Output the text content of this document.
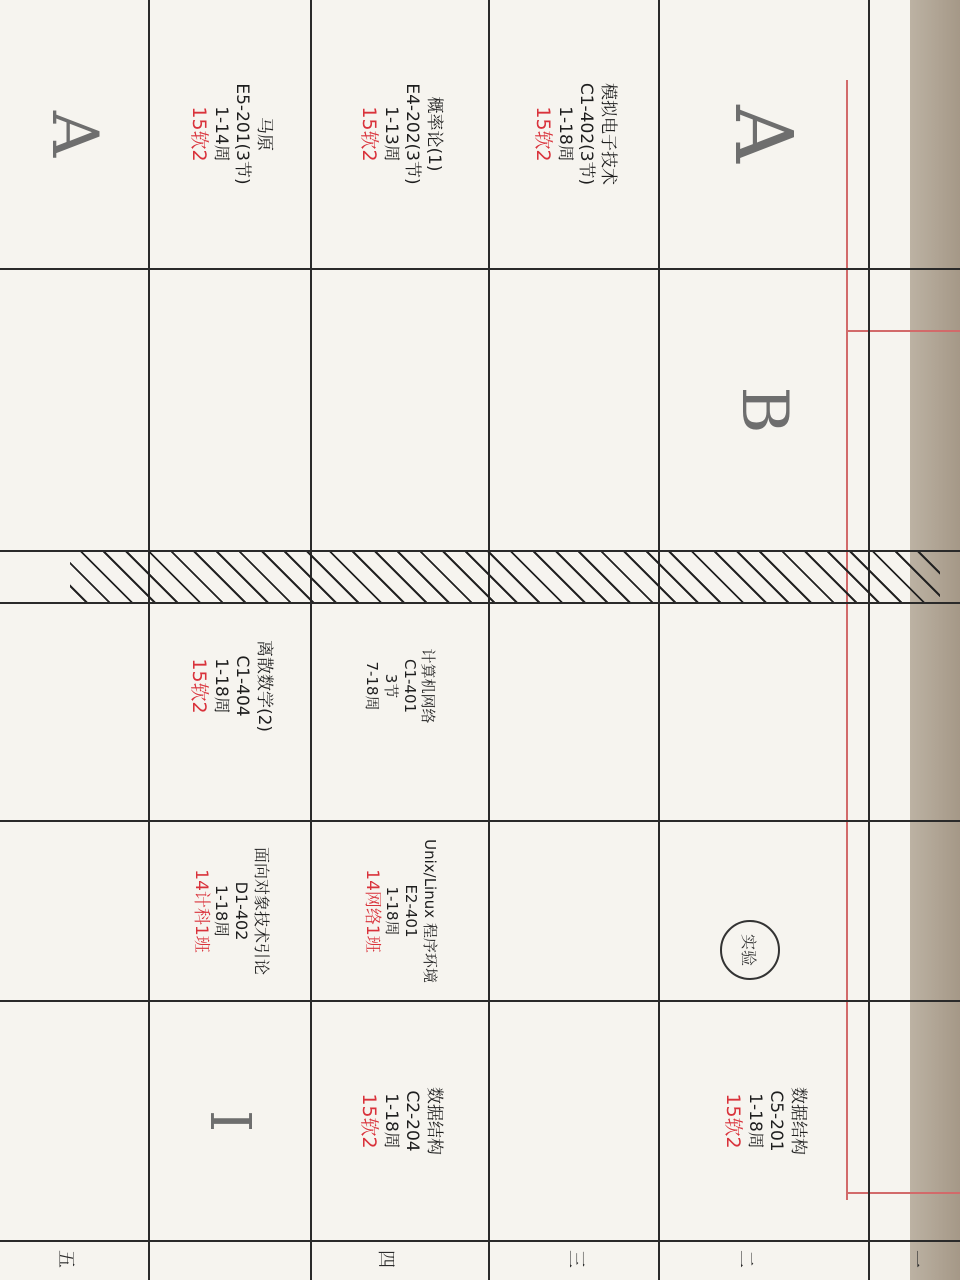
一
二
三
四
五
A
模拟电子技术
C1-402(3节)
1-18周
15软2
B
概率论(1)
E4-202(3节)
1-13周
15软2
计算机网络
C1-401
3节
7-18周
马原
E5-201(3节)
1-14周
15软2
离散数学(2)
C1-404
1-18周
15软2
A
数据结构
C5-201
1-18周
15软2
实验
数据结构
C2-204
1-18周
15软2
Unix/Linux 程序环境
E2-401
1-18周
14网络1班
面向对象技术引论
D1-402
1-18周
14计科1班
I
